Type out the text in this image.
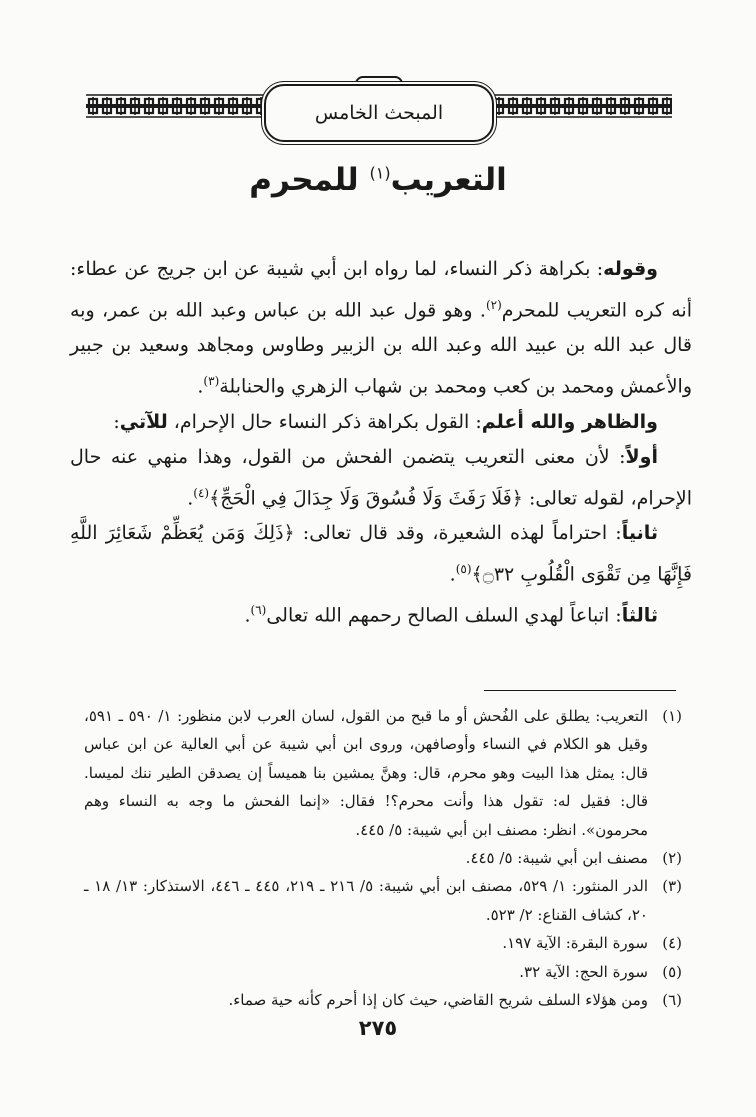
المبحث الخامس
التعريب$^{(١)}$ للمحرم

وقوله: بكراهة ذكر النساء، لما رواه ابن أبي شيبة عن ابن جريج عن عطاء: أنه كره التعريب للمحرم$^{(٢)}$. وهو قول عبد الله بن عباس وعبد الله بن عمر، وبه قال عبد الله بن عبيد الله وعبد الله بن الزبير وطاوس ومجاهد وسعيد بن جبير والأعمش ومحمد بن كعب ومحمد بن شهاب الزهري والحنابلة$^{(٣)}$.

والظاهر والله أعلم: القول بكراهة ذكر النساء حال الإحرام، للآتي:

أولاً: لأن معنى التعريب يتضمن الفحش من القول، وهذا منهي عنه حال الإحرام، لقوله تعالى: ﴿فَلَا رَفَثَ وَلَا فُسُوقَ وَلَا جِدَالَ فِي الْحَجِّ﴾$^{(٤)}$.

ثانياً: احتراماً لهذه الشعيرة، وقد قال تعالى: ﴿ذَلِكَ وَمَن يُعَظِّمْ شَعَائِرَ اللَّهِ فَإِنَّهَا مِن تَقْوَى الْقُلُوبِ ۝٣٢﴾$^{(٥)}$.

ثالثاً: اتباعاً لهدي السلف الصالح رحمهم الله تعالى$^{(٦)}$.

(١)
التعريب: يطلق على الفُحش أو ما قبح من القول، لسان العرب لابن منظور: ١/ ٥٩٠ ـ ٥٩١، وقيل هو الكلام في النساء وأوصافهن، وروى ابن أبي شيبة عن أبي العالية عن ابن عباس قال: يمثل هذا البيت وهو محرم، قال: وهنَّ يمشين بنا هميساً إن يصدقن الطير ننك لميسا. قال: فقيل له: تقول هذا وأنت محرم؟! فقال: «إنما الفحش ما وجه به النساء وهم محرمون». انظر: مصنف ابن أبي شيبة: ٥/ ٤٤٥.
(٢)
مصنف ابن أبي شيبة: ٥/ ٤٤٥.
(٣)
الدر المنثور: ١/ ٥٢٩، مصنف ابن أبي شيبة: ٥/ ٢١٦ ـ ٢١٩، ٤٤٥ ـ ٤٤٦، الاستذكار: ١٣/ ١٨ ـ ٢٠، كشاف القناع: ٢/ ٥٢٣.
(٤)
سورة البقرة: الآية ١٩٧.
(٥)
سورة الحج: الآية ٣٢.
(٦)
ومن هؤلاء السلف شريح القاضي، حيث كان إذا أحرم كأنه حية صماء.
٢٧٥
